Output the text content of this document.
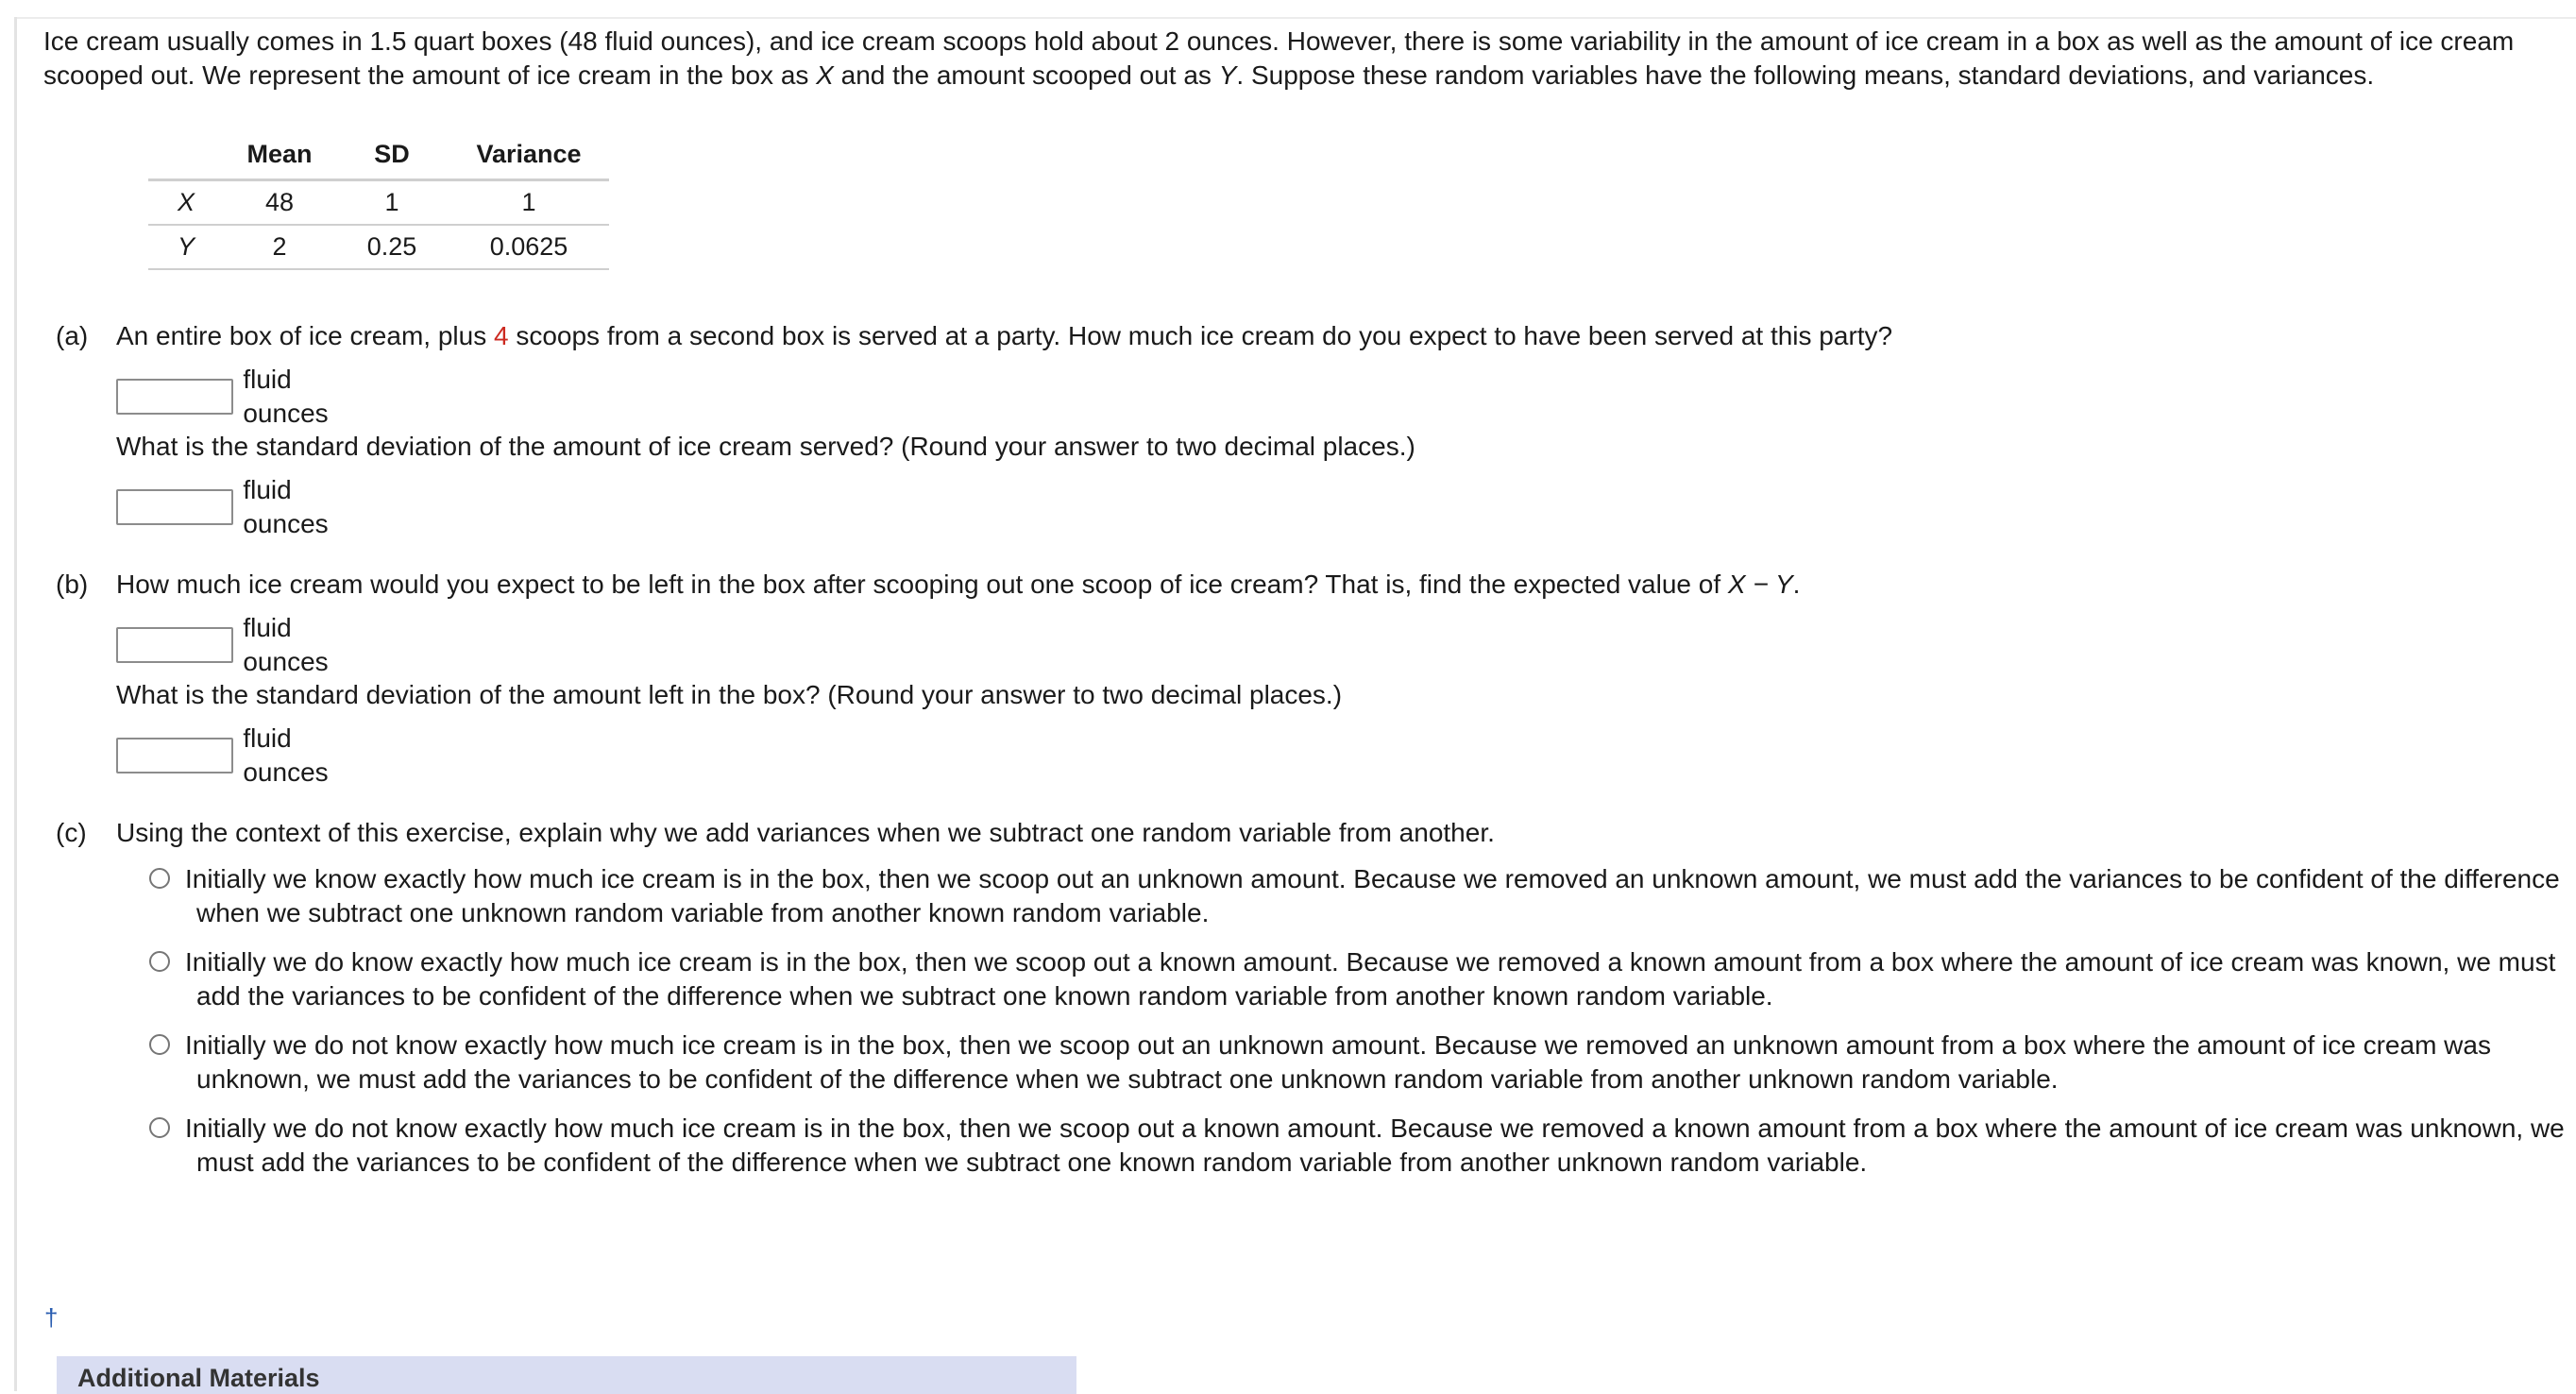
Ice cream usually comes in 1.5 quart boxes (48 fluid ounces), and ice cream scoops hold about 2 ounces. However, there is some variability in the amount of ice cream in a box as well as the amount of ice cream scooped out. We represent the amount of ice cream in the box as X and the amount scooped out as Y. Suppose these random variables have the following means, standard deviations, and variances.

	Mean	SD	Variance
X	48	1	1
Y	2	0.25	0.0625
(a) An entire box of ice cream, plus 4 scoops from a second box is served at a party. How much ice cream do you expect to have been served at this party?
fluid ounces
What is the standard deviation of the amount of ice cream served? (Round your answer to two decimal places.)
fluid ounces
(b) How much ice cream would you expect to be left in the box after scooping out one scoop of ice cream? That is, find the expected value of X − Y.
fluid ounces
What is the standard deviation of the amount left in the box? (Round your answer to two decimal places.)
fluid ounces
(c) Using the context of this exercise, explain why we add variances when we subtract one random variable from another.
Initially we know exactly how much ice cream is in the box, then we scoop out an unknown amount. Because we removed an unknown amount, we must add the variances to be confident of the difference when we subtract one unknown random variable from another known random variable.
Initially we do know exactly how much ice cream is in the box, then we scoop out a known amount. Because we removed a known amount from a box where the amount of ice cream was known, we must add the variances to be confident of the difference when we subtract one known random variable from another known random variable.
Initially we do not know exactly how much ice cream is in the box, then we scoop out an unknown amount. Because we removed an unknown amount from a box where the amount of ice cream was unknown, we must add the variances to be confident of the difference when we subtract one unknown random variable from another unknown random variable.
Initially we do not know exactly how much ice cream is in the box, then we scoop out a known amount. Because we removed a known amount from a box where the amount of ice cream was unknown, we must add the variances to be confident of the difference when we subtract one known random variable from another unknown random variable.
†
Additional Materials
